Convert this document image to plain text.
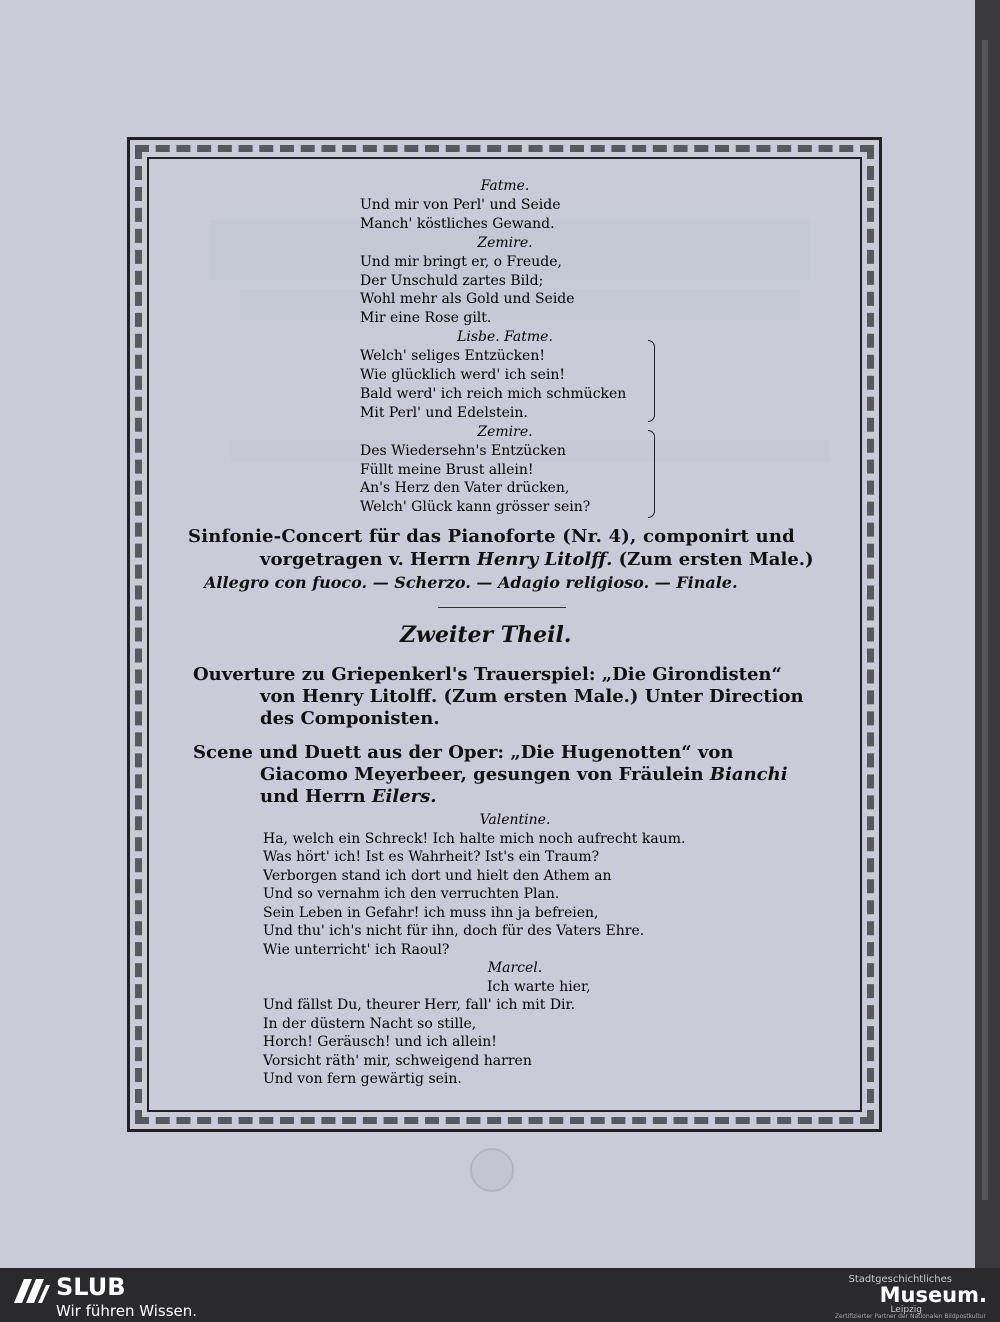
Fatme.
Und mir von Perl' und Seide
Manch' köstliches Gewand.
Zemire.
Und mir bringt er, o Freude,
Der Unschuld zartes Bild;
Wohl mehr als Gold und Seide
Mir eine Rose gilt.
Lisbe. Fatme.
Welch' seliges Entzücken!
Wie glücklich werd' ich sein!
Bald werd' ich reich mich schmücken
Mit Perl' und Edelstein.
Zemire.
Des Wiedersehn's Entzücken
Füllt meine Brust allein!
An's Herz den Vater drücken,
Welch' Glück kann grösser sein?
Sinfonie-Concert für das Pianoforte (Nr. 4), componirt und
vorgetragen v. Herrn Henry Litolff. (Zum ersten Male.)
Allegro con fuoco. — Scherzo. — Adagio religioso. — Finale.
Zweiter Theil.
Ouverture zu Griepenkerl's Trauerspiel: „Die Girondisten“
von Henry Litolff. (Zum ersten Male.) Unter Direction
des Componisten.
Scene und Duett aus der Oper: „Die Hugenotten“ von
Giacomo Meyerbeer, gesungen von Fräulein Bianchi
und Herrn Eilers.
Valentine.
Ha, welch ein Schreck! Ich halte mich noch aufrecht kaum.
Was hört' ich! Ist es Wahrheit? Ist's ein Traum?
Verborgen stand ich dort und hielt den Athem an
Und so vernahm ich den verruchten Plan.
Sein Leben in Gefahr! ich muss ihn ja befreien,
Und thu' ich's nicht für ihn, doch für des Vaters Ehre.
Wie unterricht' ich Raoul?
Marcel.
Ich warte hier,
Und fällst Du, theurer Herr, fall' ich mit Dir.
In der düstern Nacht so stille,
Horch! Geräusch! und ich allein!
Vorsicht räth' mir, schweigend harren
Und von fern gewärtig sein.
SLUB
Wir führen Wissen.
Stadtgeschichtliches
Museum.
Leipzig
Zertifizierter Partner der Nationalen Bildpostkultur
